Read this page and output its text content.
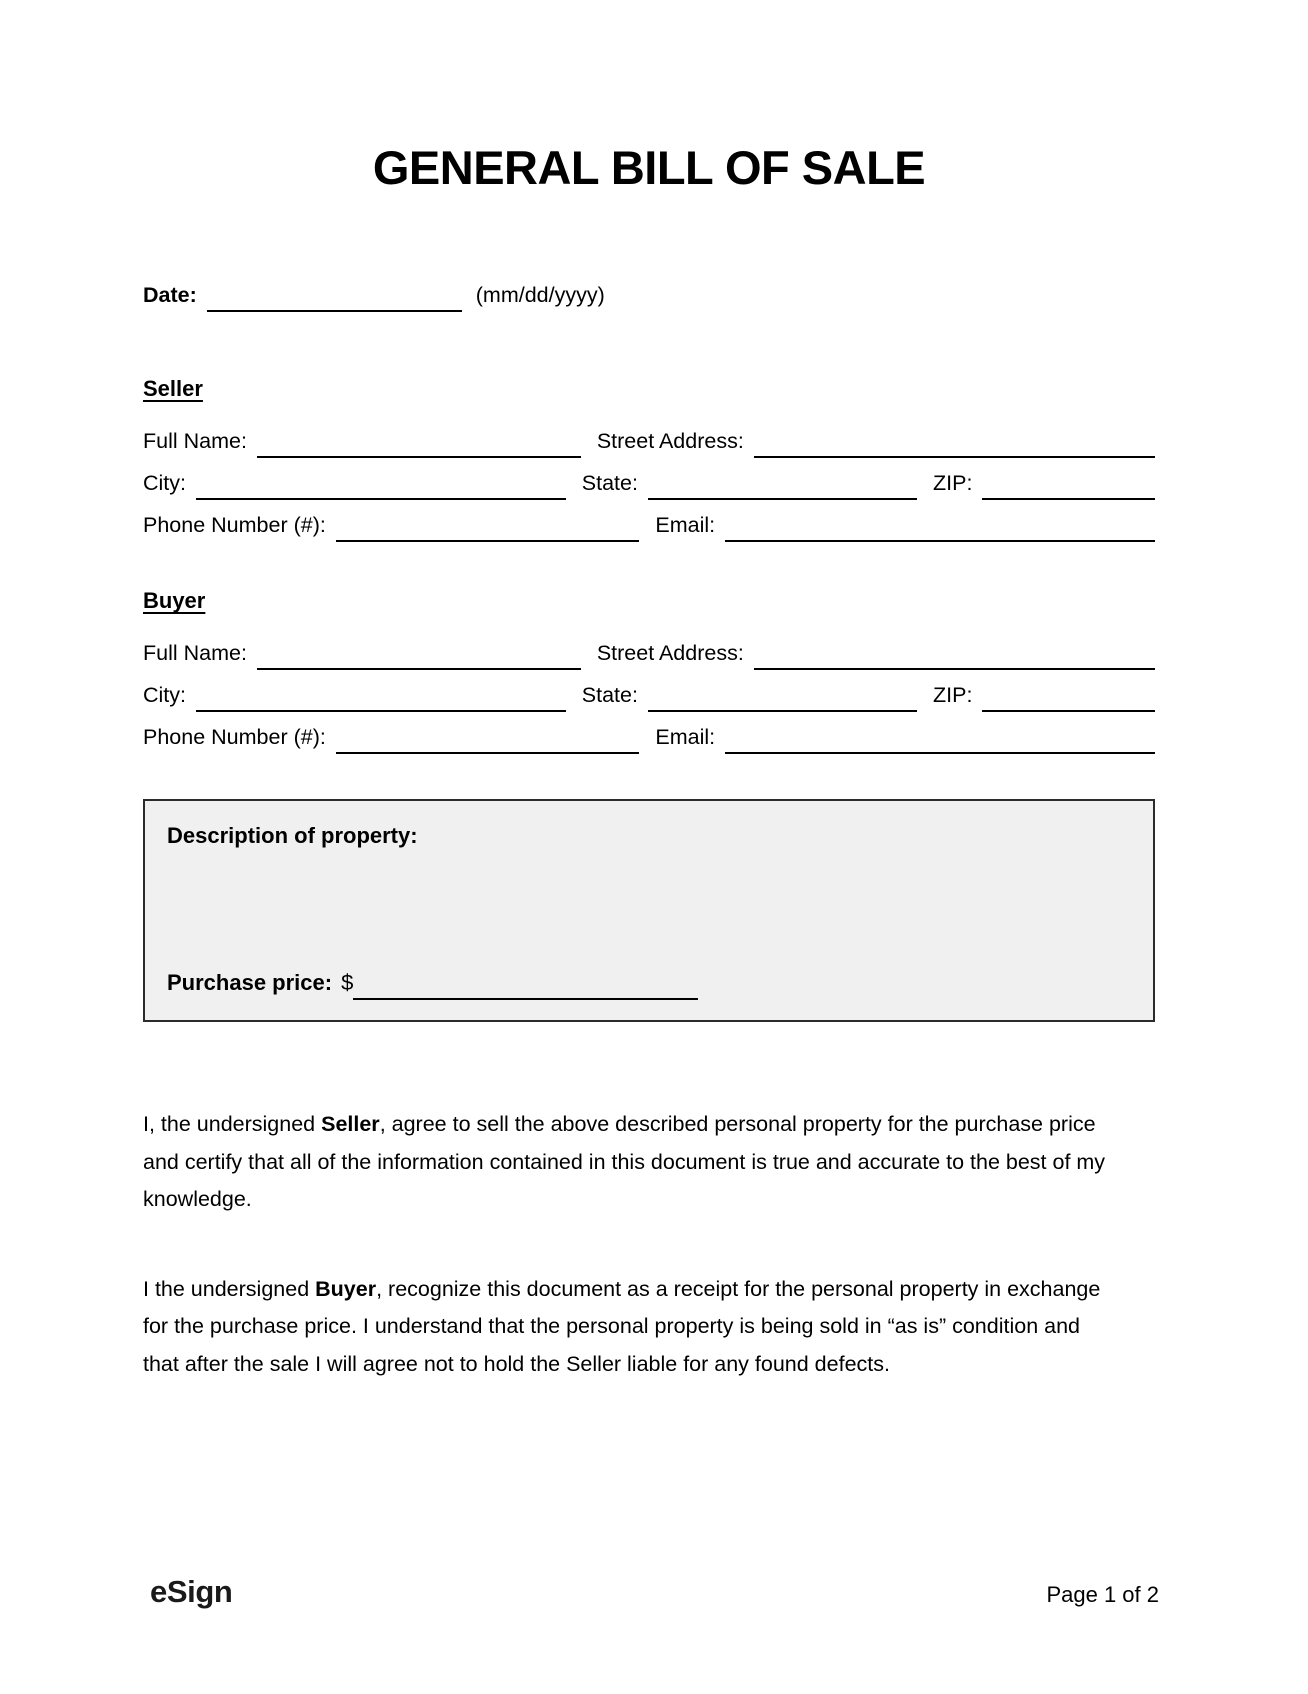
GENERAL BILL OF SALE
Date: ​	(mm/dd/yyyy)
Seller
Full Name: ​	Street Address:
​
City: ​	State: ​	ZIP:
​
Phone Number (#): ​	Email:
​
Buyer
Full Name: ​	Street Address:
​
City: ​	State: ​	ZIP:
​
Phone Number (#): ​	Email:
​
Description of property:
Purchase price: $
​

I, the undersigned Seller, agree to sell the above described personal property for the purchase price and certify that all of the information contained in this document is true and accurate to the best of my knowledge.

I the undersigned Buyer, recognize this document as a receipt for the personal property in exchange for the purchase price. I understand that the personal property is being sold in “as is” condition and that after the sale I will agree not to hold the Seller liable for any found defects.

eSign	Page 1 of 2
